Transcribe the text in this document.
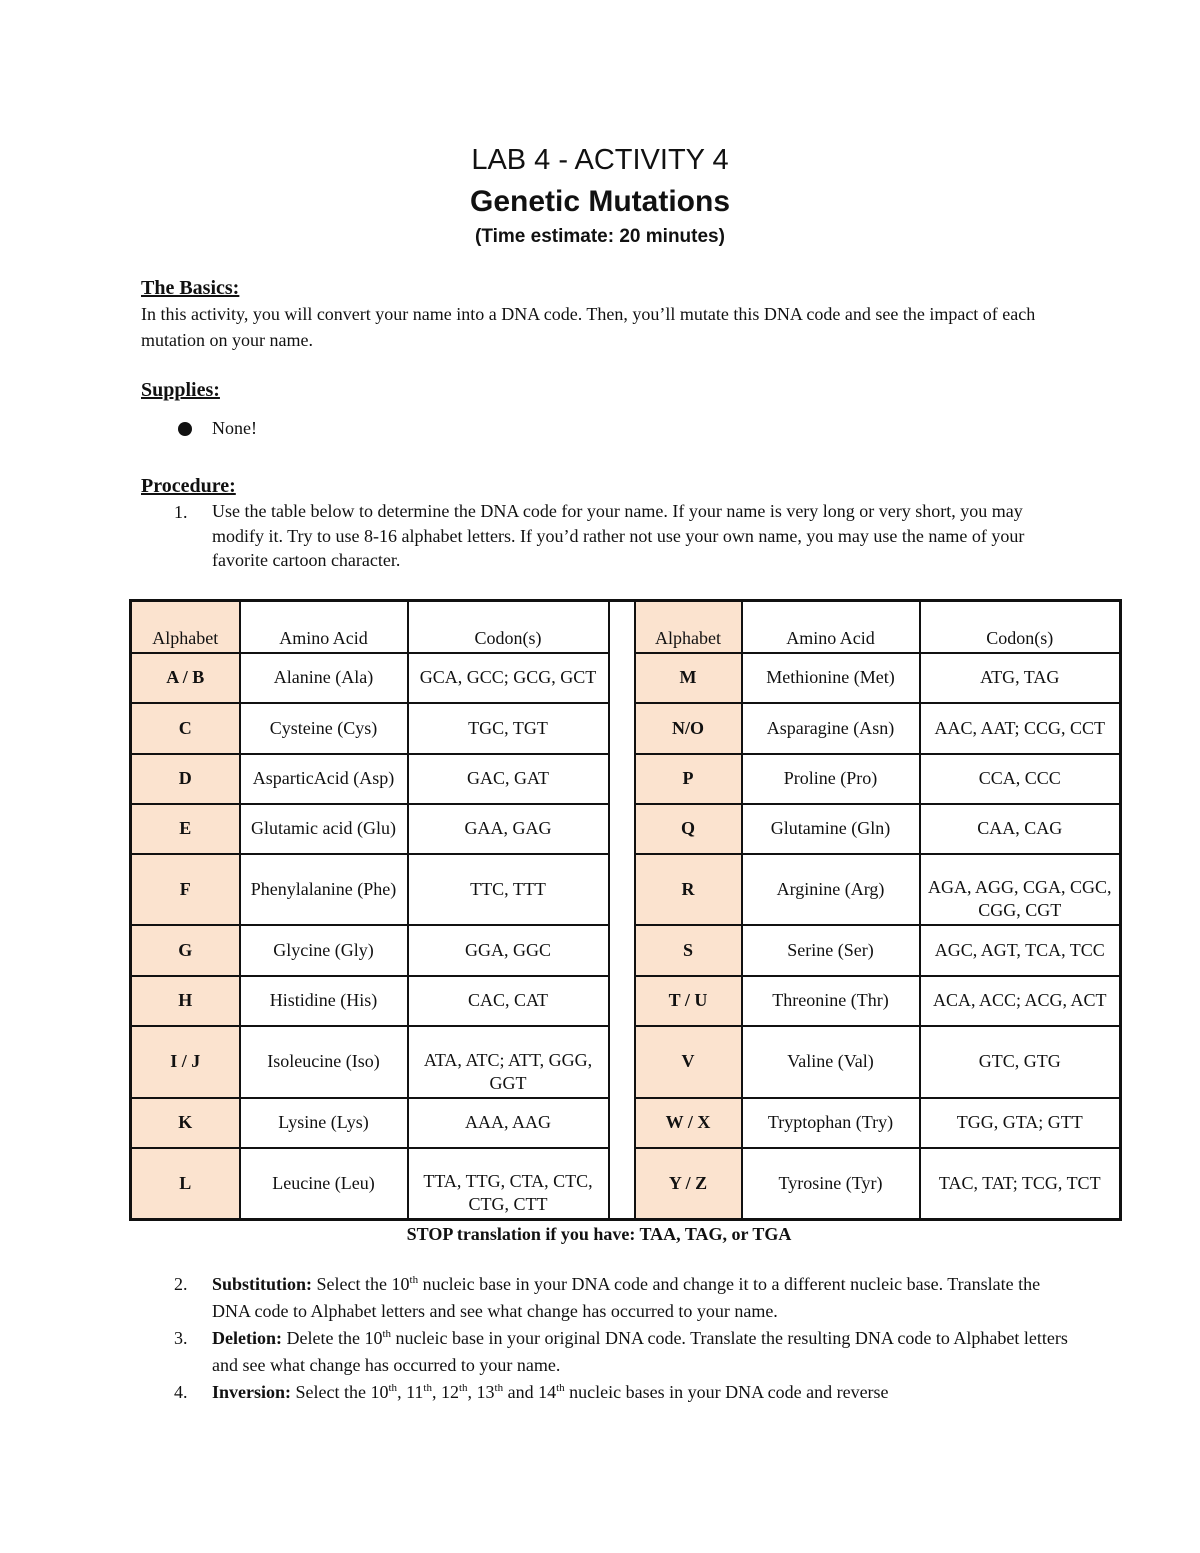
LAB 4 - ACTIVITY 4
Genetic Mutations
(Time estimate: 20 minutes)
The Basics:
In this activity, you will convert your name into a DNA code. Then, you’ll mutate this DNA code and see the impact of each mutation on your name.
Supplies:
None!
Procedure:
1. Use the table below to determine the DNA code for your name. If your name is very long or very short, you may modify it. Try to use 8-16 alphabet letters. If you’d rather not use your own name, you may use the name of your favorite cartoon character.
Alphabet	Amino Acid	Codon(s)		Alphabet	Amino Acid	Codon(s)
A / B	Alanine (Ala)	GCA, GCC; GCG, GCT		M	Methionine (Met)	ATG, TAG
C	Cysteine (Cys)	TGC, TGT		N/O	Asparagine (Asn)	AAC, AAT; CCG, CCT
D	AsparticAcid (Asp)	GAC, GAT		P	Proline (Pro)	CCA, CCC
E	Glutamic acid (Glu)	GAA, GAG		Q	Glutamine (Gln)	CAA, CAG
F	Phenylalanine (Phe)	TTC, TTT		R	Arginine (Arg)	AGA, AGG, CGA, CGC, CGG, CGT
G	Glycine (Gly)	GGA, GGC		S	Serine (Ser)	AGC, AGT, TCA, TCC
H	Histidine (His)	CAC, CAT		T / U	Threonine (Thr)	ACA, ACC; ACG, ACT
I / J	Isoleucine (Iso)	ATA, ATC; ATT, GGG, GGT		V	Valine (Val)	GTC, GTG
K	Lysine (Lys)	AAA, AAG		W / X	Tryptophan (Try)	TGG, GTA; GTT
L	Leucine (Leu)	TTA, TTG, CTA, CTC, CTG, CTT		Y / Z	Tyrosine (Tyr)	TAC, TAT; TCG, TCT
STOP translation if you have: TAA, TAG, or TGA
2. Substitution: Select the 10th nucleic base in your DNA code and change it to a different nucleic base. Translate the DNA code to Alphabet letters and see what change has occurred to your name.
3. Deletion: Delete the 10th nucleic base in your original DNA code. Translate the resulting DNA code to Alphabet letters and see what change has occurred to your name.
4. Inversion: Select the 10th, 11th, 12th, 13th and 14th nucleic bases in your DNA code and reverse
